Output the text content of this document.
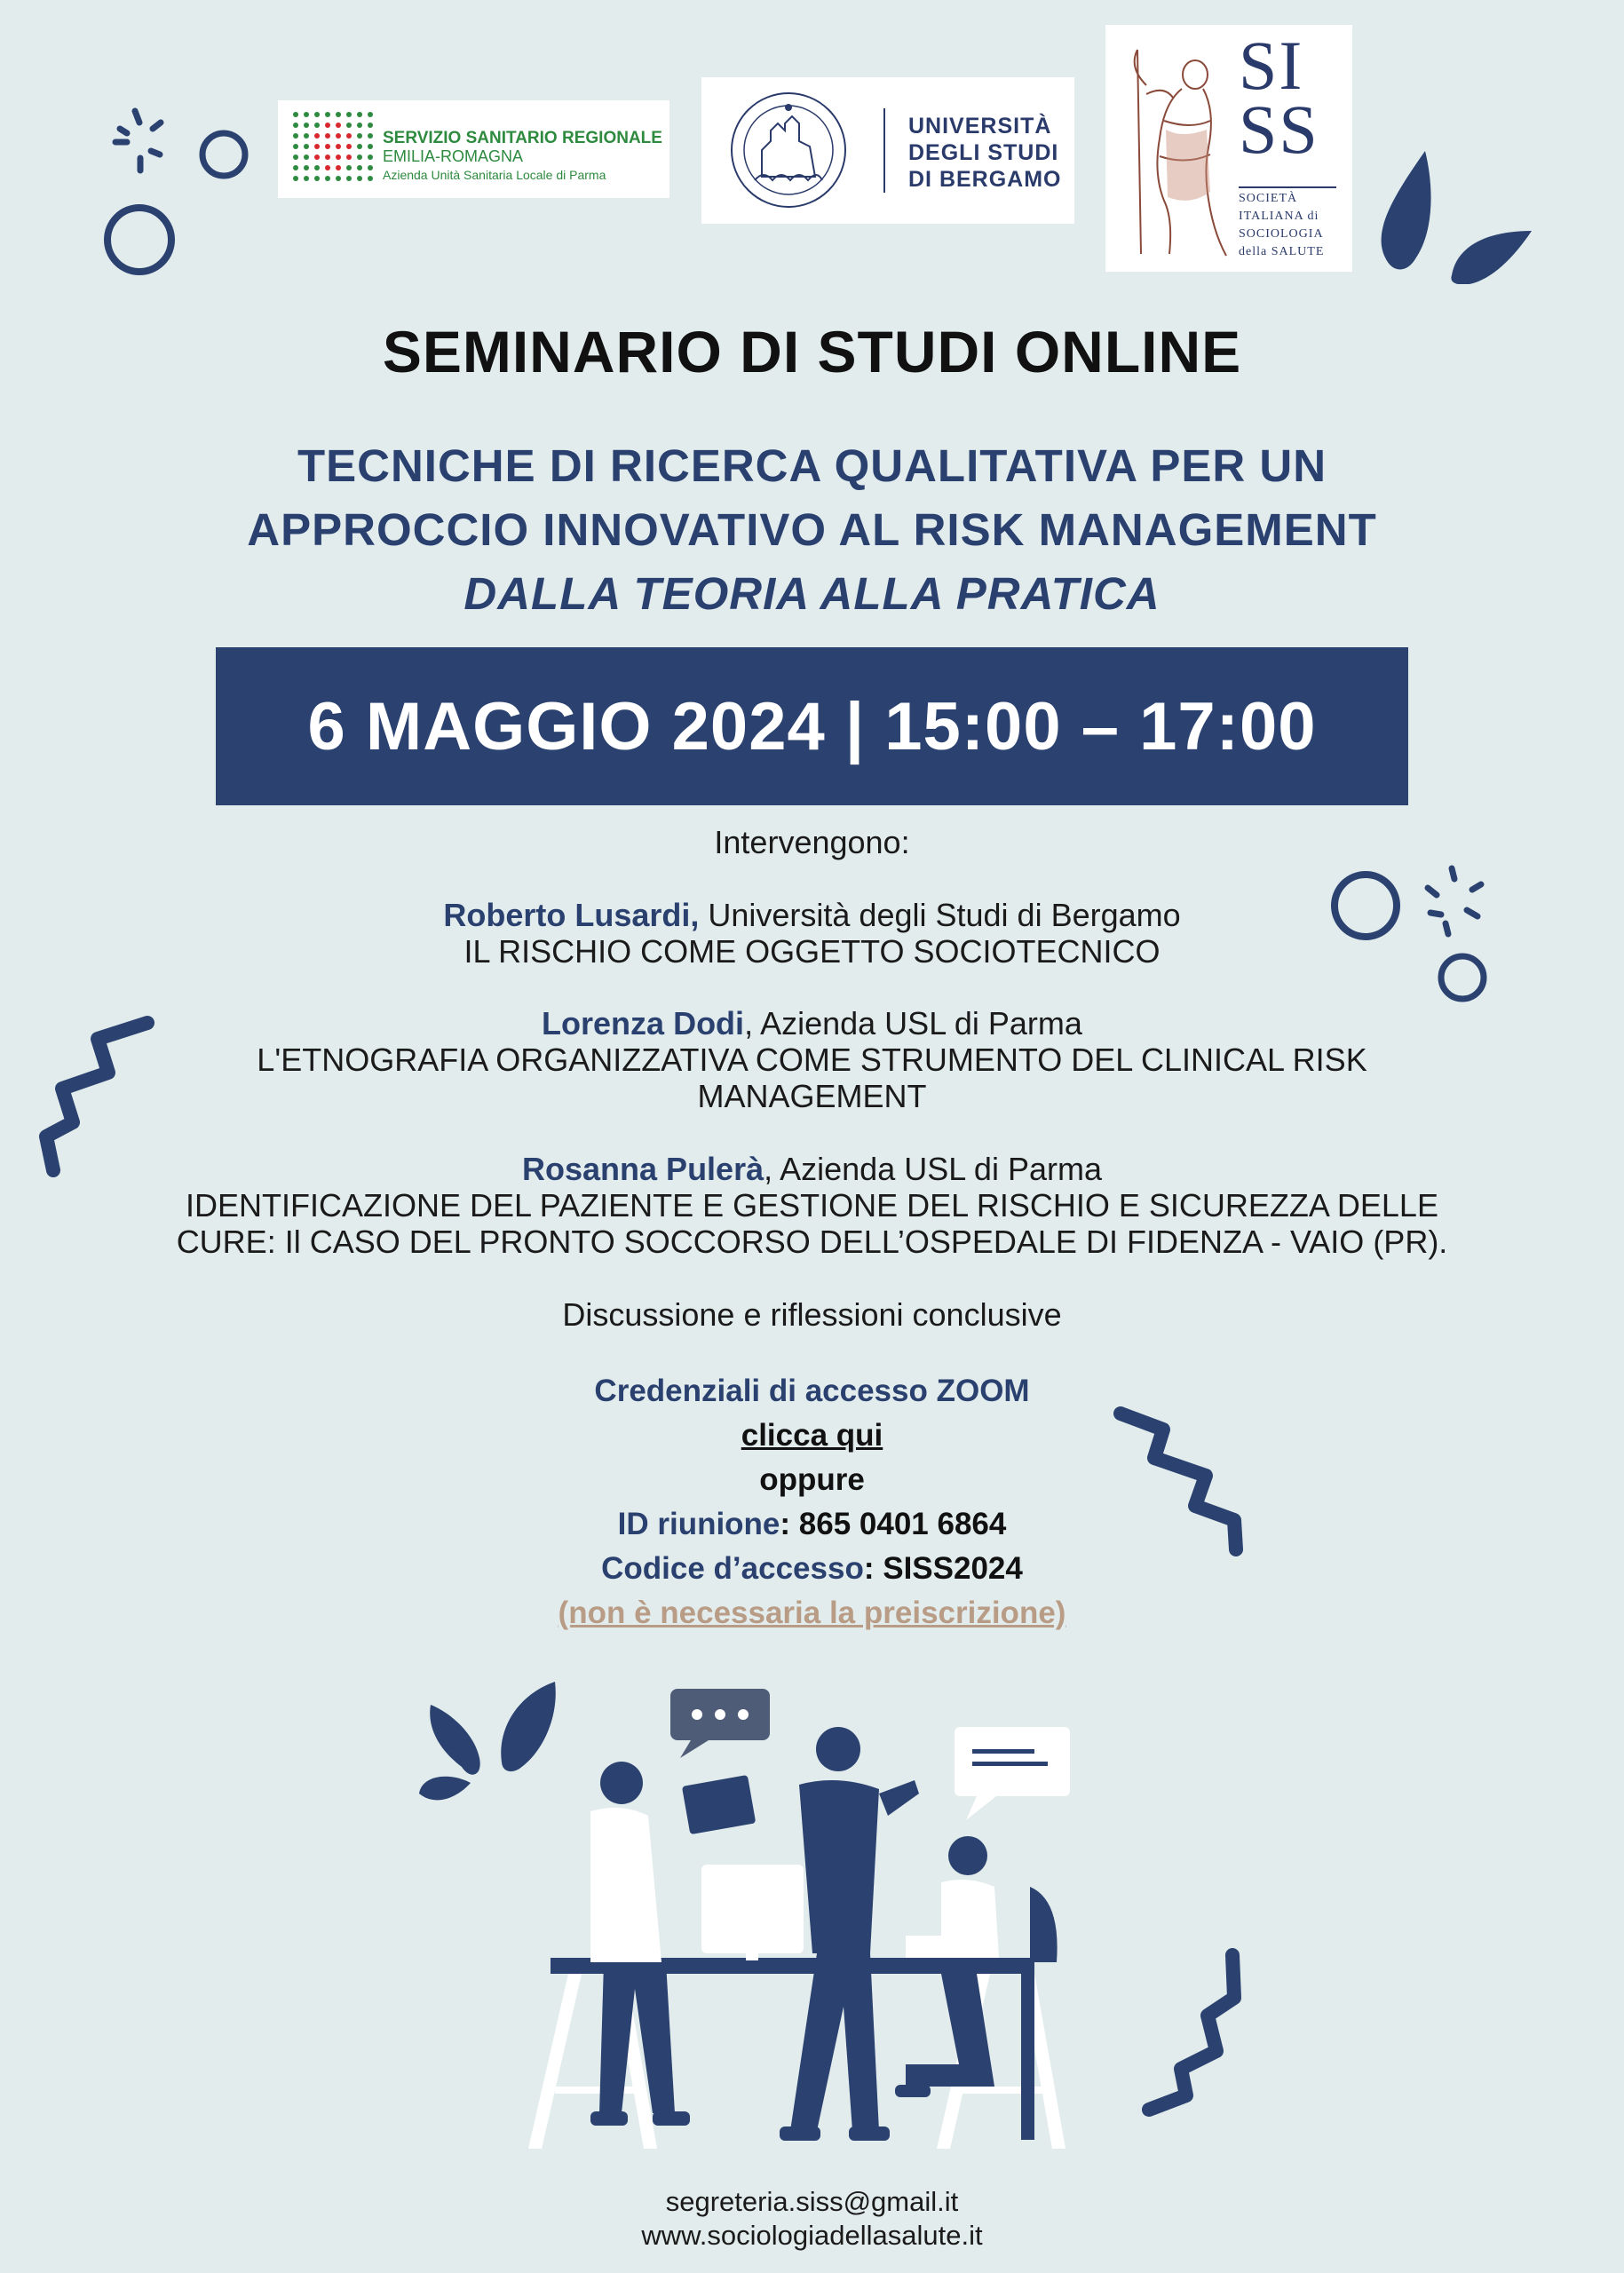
SERVIZIO SANITARIO REGIONALE
EMILIA-ROMAGNA
Azienda Unità Sanitaria Locale di Parma
UNIVERSITÀ
DEGLI STUDI
DI BERGAMO
SI
SS
SOCIETÀ
ITALIANA di
SOCIOLOGIA
della SALUTE
SEMINARIO DI STUDI ONLINE
TECNICHE DI RICERCA QUALITATIVA PER UN
APPROCCIO INNOVATIVO AL RISK MANAGEMENT
DALLA TEORIA ALLA PRATICA
6 MAGGIO 2024 | 15:00 – 17:00
Intervengono:
Roberto Lusardi, Università degli Studi di Bergamo
IL RISCHIO COME OGGETTO SOCIOTECNICO
Lorenza Dodi, Azienda USL di Parma
L'ETNOGRAFIA ORGANIZZATIVA COME STRUMENTO DEL CLINICAL RISK
MANAGEMENT
Rosanna Pulerà, Azienda USL di Parma
IDENTIFICAZIONE DEL PAZIENTE E GESTIONE DEL RISCHIO E SICUREZZA DELLE
CURE: Il CASO DEL PRONTO SOCCORSO DELL’OSPEDALE DI FIDENZA - VAIO (PR).
Discussione e riflessioni conclusive
Credenziali di accesso ZOOM
clicca qui
oppure
ID riunione: 865 0401 6864
Codice d’accesso: SISS2024
(non è necessaria la preiscrizione)
segreteria.siss@gmail.it
www.sociologiadellasalute.it
